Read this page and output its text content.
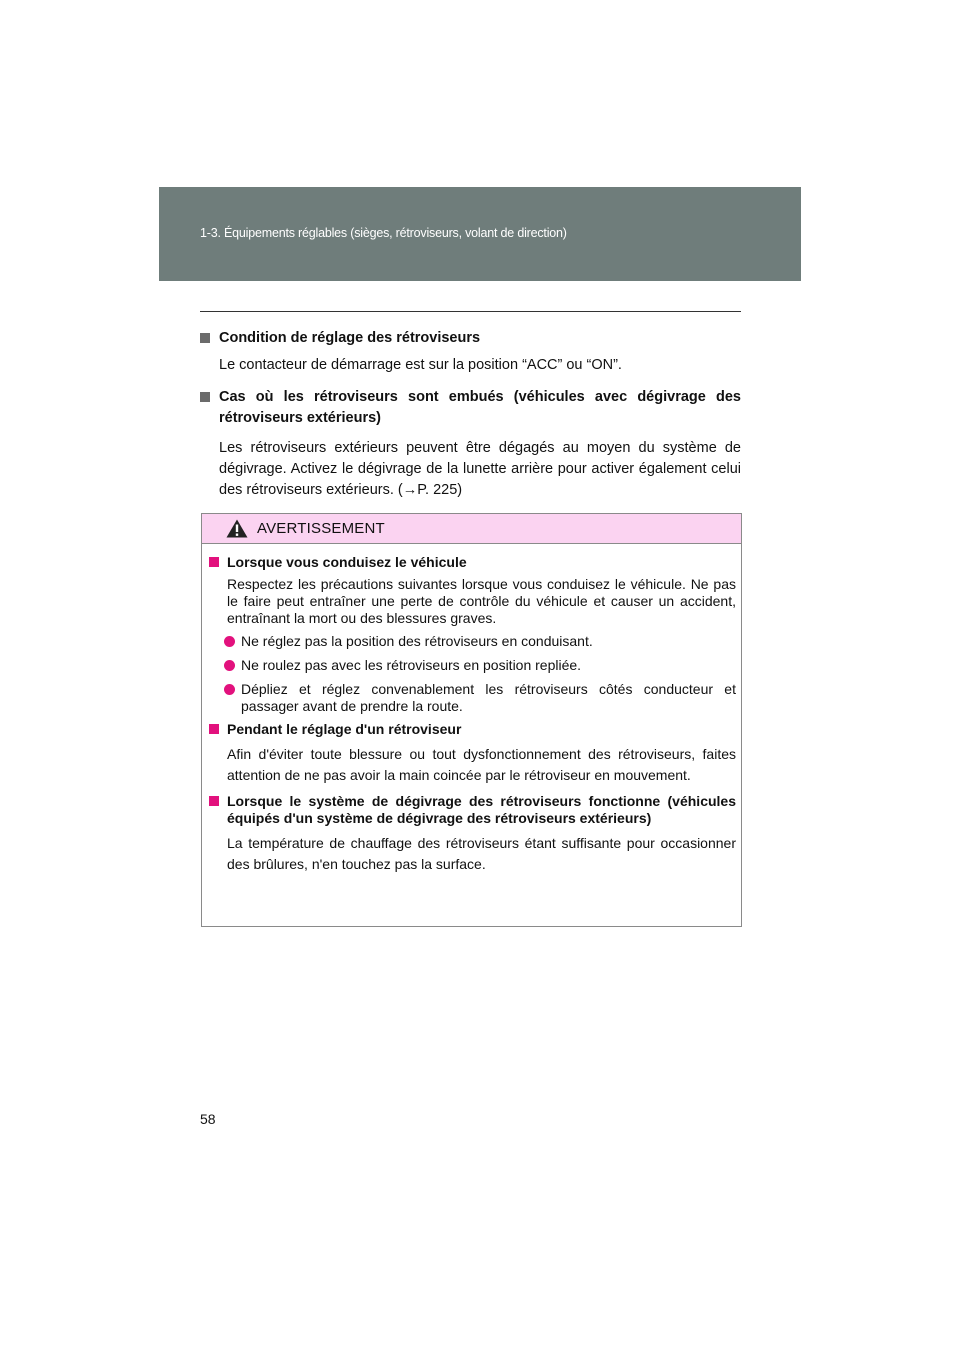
1-3. Équipements réglables (sièges, rétroviseurs, volant de direction)
Condition de réglage des rétroviseurs
Le contacteur de démarrage est sur la position “ACC” ou “ON”.
Cas où les rétroviseurs sont embués (véhicules avec dégivrage des rétroviseurs extérieurs)
Les rétroviseurs extérieurs peuvent être dégagés au moyen du système de dégivrage. Activez le dégivrage de la lunette arrière pour activer également celui des rétroviseurs extérieurs. (→P. 225)
AVERTISSEMENT
Lorsque vous conduisez le véhicule
Respectez les précautions suivantes lorsque vous conduisez le véhicule. Ne pas le faire peut entraîner une perte de contrôle du véhicule et causer un accident, entraînant la mort ou des blessures graves.
Ne réglez pas la position des rétroviseurs en conduisant.
Ne roulez pas avec les rétroviseurs en position repliée.
Dépliez et réglez convenablement les rétroviseurs côtés conducteur et passager avant de prendre la route.
Pendant le réglage d'un rétroviseur
Afin d'éviter toute blessure ou tout dysfonctionnement des rétroviseurs, faites attention de ne pas avoir la main coincée par le rétroviseur en mouvement.
Lorsque le système de dégivrage des rétroviseurs fonctionne (véhicules équipés d'un système de dégivrage des rétroviseurs extérieurs)
La température de chauffage des rétroviseurs étant suffisante pour occasionner des brûlures, n'en touchez pas la surface.
58
